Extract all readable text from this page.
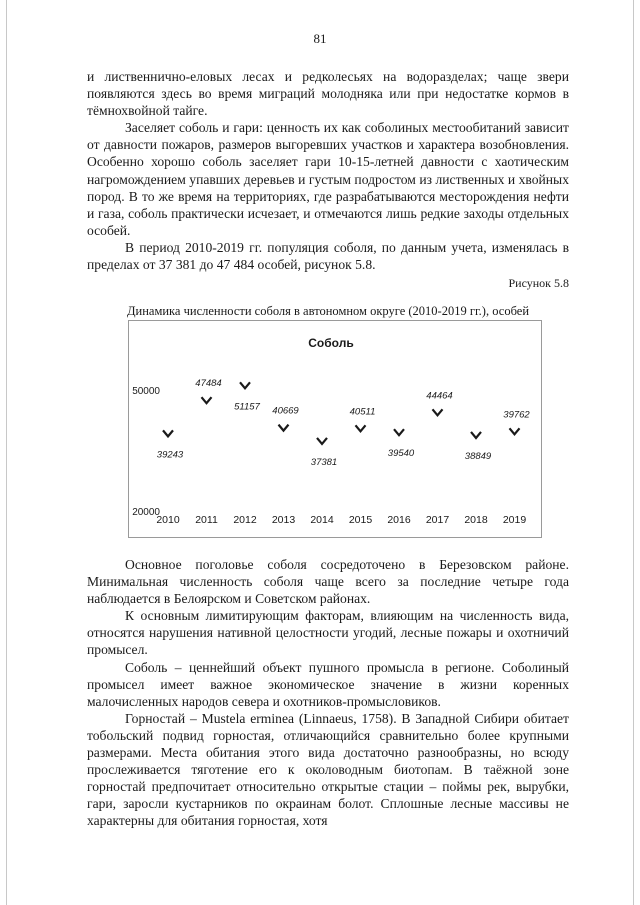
81

и лиственнично-еловых лесах и редколесьях на водоразделах; чаще звери появляются здесь во время миграций молодняка или при недостатке кормов в тёмнохвойной тайге.

Заселяет соболь и гари: ценность их как соболиных местообитаний зависит от давности пожаров, размеров выгоревших участков и характера возобновления. Особенно хорошо соболь заселяет гари 10-15-летней давности с хаотическим нагромождением упавших деревьев и густым подростом из лиственных и хвойных пород. В то же время на территориях, где разрабатываются месторождения нефти и газа, соболь практически исчезает, и отмечаются лишь редкие заходы отдельных особей.

В период 2010-2019 гг. популяция соболя, по данным учета, изменялась в пределах от 37 381 до 47 484 особей, рисунок 5.8.

Рисунок 5.8
Динамика численности соболя в автономном округе (2010-2019 гг.), особей
Соболь
50000
20000
2010 2011 2012 2013 2014 2015 2016 2017 2018 2019
39243
47484
51157 40669
37381
40511
39540
44464
38849
39762

Основное поголовье соболя сосредоточено в Березовском районе. Минимальная численность соболя чаще всего за последние четыре года наблюдается в Белоярском и Советском районах.

К основным лимитирующим факторам, влияющим на численность вида, относятся нарушения нативной целостности угодий, лесные пожары и охотничий промысел.

Соболь – ценнейший объект пушного промысла в регионе. Соболиный промысел имеет важное экономическое значение в жизни коренных малочисленных народов севера и охотников-промысловиков.

Горностай – Mustela erminea (Linnaeus, 1758). В Западной Сибири обитает тобольский подвид горностая, отличающийся сравнительно более крупными размерами. Места обитания этого вида достаточно разнообразны, но всюду прослеживается тяготение его к околоводным биотопам. В таёжной зоне горностай предпочитает относительно открытые стации – поймы рек, вырубки, гари, заросли кустарников по окраинам болот. Сплошные лесные массивы не характерны для обитания горностая, хотя
